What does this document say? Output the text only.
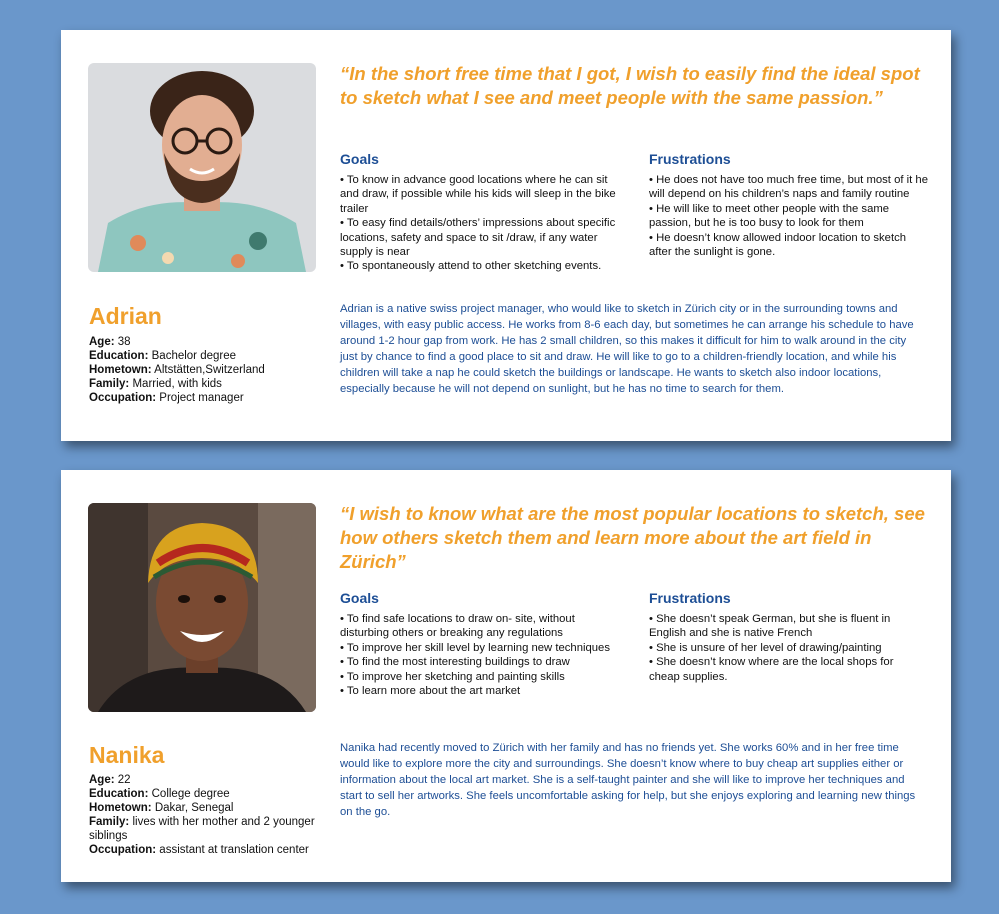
Adrian
Age: 38
Education: Bachelor degree
Hometown: Altstätten,Switzerland
Family: Married, with kids
Occupation: Project manager
“In the short free time that I got, I wish to easily find the ideal spot to sketch what I see and meet people with the same passion.”
Goals
• To know in advance good locations where he can sit and draw, if possible while his kids will sleep in the bike trailer
• To easy find details/others’ impressions about specific locations, safety and space to sit /draw, if any water supply is near
• To spontaneously attend to other sketching events.
Frustrations
• He does not have too much free time, but most of it he will depend on his children’s naps and family routine
• He will like to meet other people with the same passion, but he is too busy to look for them
• He doesn’t know allowed indoor location to sketch after the sunlight is gone.
Adrian is a native swiss project manager, who would like to sketch in Zürich city or in the surrounding towns and villages, with easy public access. He works from 8-6 each day, but sometimes he can arrange his schedule to have around 1-2 hour gap from work. He has 2 small children, so this makes it difficult for him to walk around in the city just by chance to find a good place to sit and draw. He will like to go to a children-friendly location, and while his children will take a nap he could sketch the buildings or landscape. He wants to sketch also indoor locations, especially because he will not depend on sunlight, but he has no time to search for them.
Nanika
Age: 22
Education: College degree
Hometown: Dakar, Senegal
Family: lives with her mother and 2 younger siblings
Occupation: assistant at translation center
“I wish to know what are the most popular locations to sketch, see how others sketch them and learn more about the art field in Zürich”
Goals
• To find safe locations to draw on- site, without disturbing others or breaking any regulations
• To improve her skill level by learning new techniques
• To find the most interesting buildings to draw
• To improve her sketching and painting skills
• To learn more about the art market
Frustrations
• She doesn’t speak German, but she is fluent in English and she is native French
• She is unsure of her level of drawing/painting
• She doesn’t know where are the local shops for cheap supplies.
Nanika had recently moved to Zürich with her family and has no friends yet. She works 60% and in her free time would like to explore more the city and surroundings. She doesn’t know where to buy cheap art supplies either or information about the local art market. She is a self-taught painter and she will like to improve her techniques and start to sell her artworks. She feels uncomfortable asking for help, but she enjoys exploring and learning new things on the go.
